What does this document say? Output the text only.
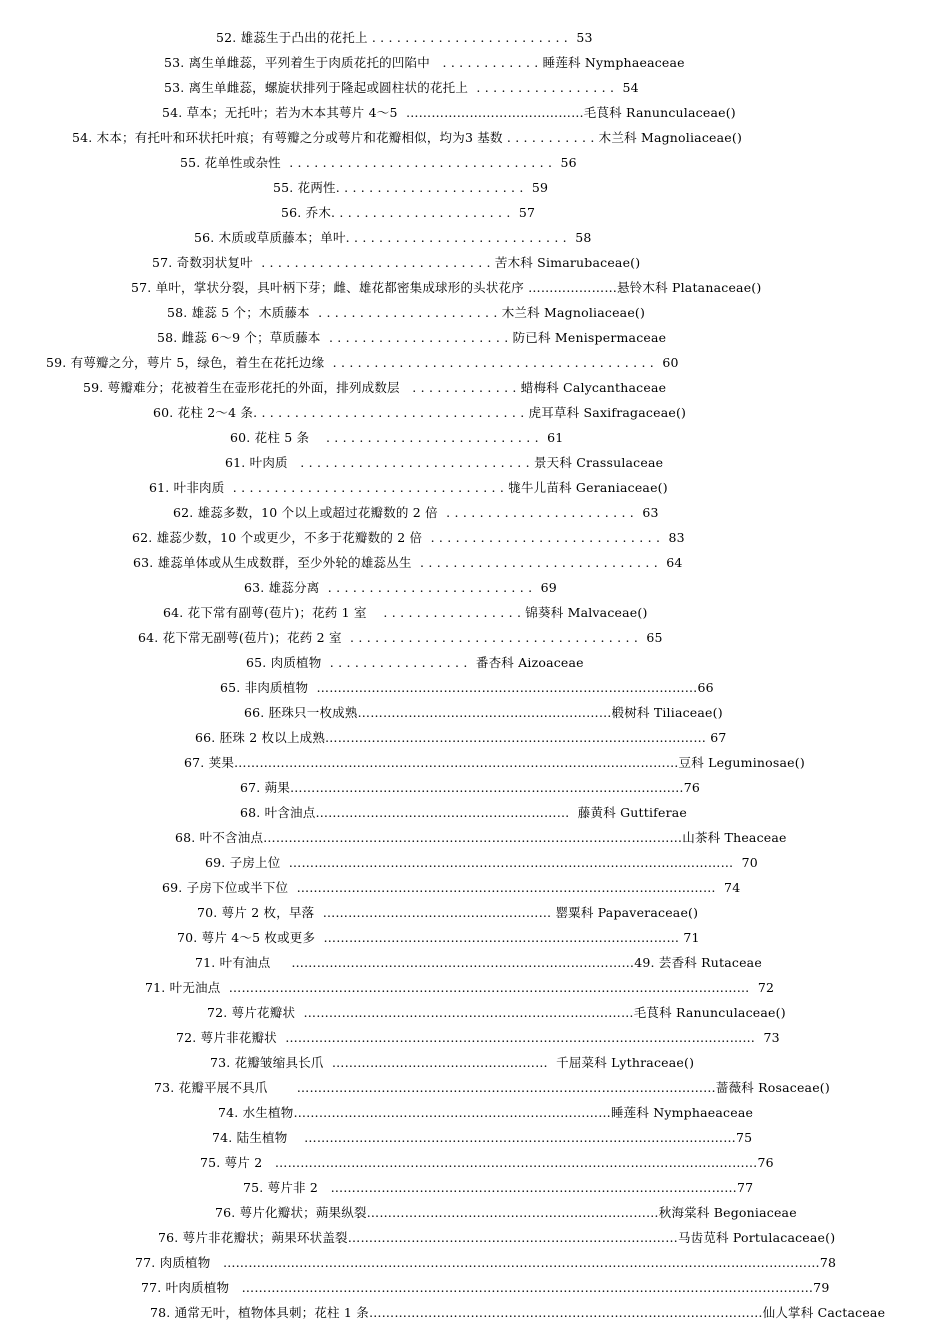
52. 雄蕊生于凸出的花托上 . . . . . . . . . . . . . . . . . . . . . . . .  53
53. 离生单雌蕊，平列着生于肉质花托的凹陷中   . . . . . . . . . . . . 睡莲科 Nymphaeaceae
53. 离生单雌蕊，螺旋状排列于隆起或圆柱状的花托上  . . . . . . . . . . . . . . . . .  54
54. 草本；无托叶；若为木本其萼片 4～5  ……………………………………毛茛科 Ranunculaceae()
54. 木本；有托叶和环状托叶痕；有萼瓣之分或萼片和花瓣相似，均为3 基数 . . . . . . . . . . . 木兰科 Magnoliaceae()
55. 花单性或杂性  . . . . . . . . . . . . . . . . . . . . . . . . . . . . . . . .  56
55. 花两性. . . . . . . . . . . . . . . . . . . . . . .  59
56. 乔木. . . . . . . . . . . . . . . . . . . . . .  57
56. 木质或草质藤本；单叶. . . . . . . . . . . . . . . . . . . . . . . . . . .  58
57. 奇数羽状复叶  . . . . . . . . . . . . . . . . . . . . . . . . . . . . 苦木科 Simarubaceae()
57. 单叶，掌状分裂，具叶柄下芽；雌、雄花都密集成球形的头状花序 …………………悬铃木科 Platanaceae()
58. 雄蕊 5 个；木质藤本  . . . . . . . . . . . . . . . . . . . . . . 木兰科 Magnoliaceae()
58. 雌蕊 6～9 个；草质藤本  . . . . . . . . . . . . . . . . . . . . . . 防已科 Menispermaceae
59. 有萼瓣之分，萼片 5，绿色，着生在花托边缘  . . . . . . . . . . . . . . . . . . . . . . . . . . . . . . . . . . . . . . .  60
59. 萼瓣难分；花被着生在壶形花托的外面，排列成数层   . . . . . . . . . . . . . 蜡梅科 Calycanthaceae
60. 花柱 2～4 条. . . . . . . . . . . . . . . . . . . . . . . . . . . . . . . . . 虎耳草科 Saxifragaceae()
60. 花柱 5 条    . . . . . . . . . . . . . . . . . . . . . . . . . .  61
61. 叶肉质   . . . . . . . . . . . . . . . . . . . . . . . . . . . . 景天科 Crassulaceae
61. 叶非肉质  . . . . . . . . . . . . . . . . . . . . . . . . . . . . . . . . . 牻牛儿苗科 Geraniaceae()
62. 雄蕊多数，10 个以上或超过花瓣数的 2 倍  . . . . . . . . . . . . . . . . . . . . . . .  63
62. 雄蕊少数，10 个或更少，不多于花瓣数的 2 倍  . . . . . . . . . . . . . . . . . . . . . . . . . . . .  83
63. 雄蕊单体或从生成数群，至少外轮的雄蕊丛生  . . . . . . . . . . . . . . . . . . . . . . . . . . . . .  64
63. 雄蕊分离  . . . . . . . . . . . . . . . . . . . . . . . . .  69
64. 花下常有副萼(苞片)；花药 1 室    . . . . . . . . . . . . . . . . . 锦葵科 Malvaceae()
64. 花下常无副萼(苞片)；花药 2 室  . . . . . . . . . . . . . . . . . . . . . . . . . . . . . . . . . . .  65
65. 肉质植物  . . . . . . . . . . . . . . . . .  番杏科 Aizoaceae
65. 非肉质植物  ………………………………………………………………………………66
66. 胚珠只一枚成熟……………………………………………………椴树科 Tiliaceae()
66. 胚珠 2 枚以上成熟……………………………………………………………………………… 67
67. 荚果……………………………………………………………………………………………豆科 Leguminosae()
67. 蒴果…………………………………………………………………………………76
68. 叶含油点……………………………………………………  藤黄科 Guttiferae
68. 叶不含油点………………………………………………………………………………………山茶科 Theaceae
69. 子房上位  ……………………………………………………………………………………………  70
69. 子房下位或半下位  ………………………………………………………………………………………  74
70. 萼片 2 枚，早落  ……………………………………………… 罂粟科 Papaveraceae()
70. 萼片 4～5 枚或更多  ………………………………………………………………………… 71
71. 叶有油点     ………………………………………………………………………49. 芸香科 Rutaceae
71. 叶无油点  ……………………………………………………………………………………………………………  72
72. 萼片花瓣状  ……………………………………………………………………毛茛科 Ranunculaceae()
72. 萼片非花瓣状  …………………………………………………………………………………………………  73
73. 花瓣皱缩具长爪  ……………………………………………  千屈菜科 Lythraceae()
73. 花瓣平展不具爪       ………………………………………………………………………………………蔷薇科 Rosaceae()
74. 水生植物…………………………………………………………………睡莲科 Nymphaeaceae
74. 陆生植物    …………………………………………………………………………………………75
75. 萼片 2   ……………………………………………………………………………………………………76
75. 萼片非 2   ……………………………………………………………………………………77
76. 萼片化瓣状；蒴果纵裂……………………………………………………………秋海棠科 Begoniaceae
76. 萼片非花瓣状；蒴果环状盖裂……………………………………………………………………马齿苋科 Portulacaceae()
77. 肉质植物   ……………………………………………………………………………………………………………………………78
77. 叶肉质植物   ………………………………………………………………………………………………………………………79
78. 通常无叶，植物体具刺；花柱 1 条…………………………………………………………………………………仙人掌科 Cactaceae
